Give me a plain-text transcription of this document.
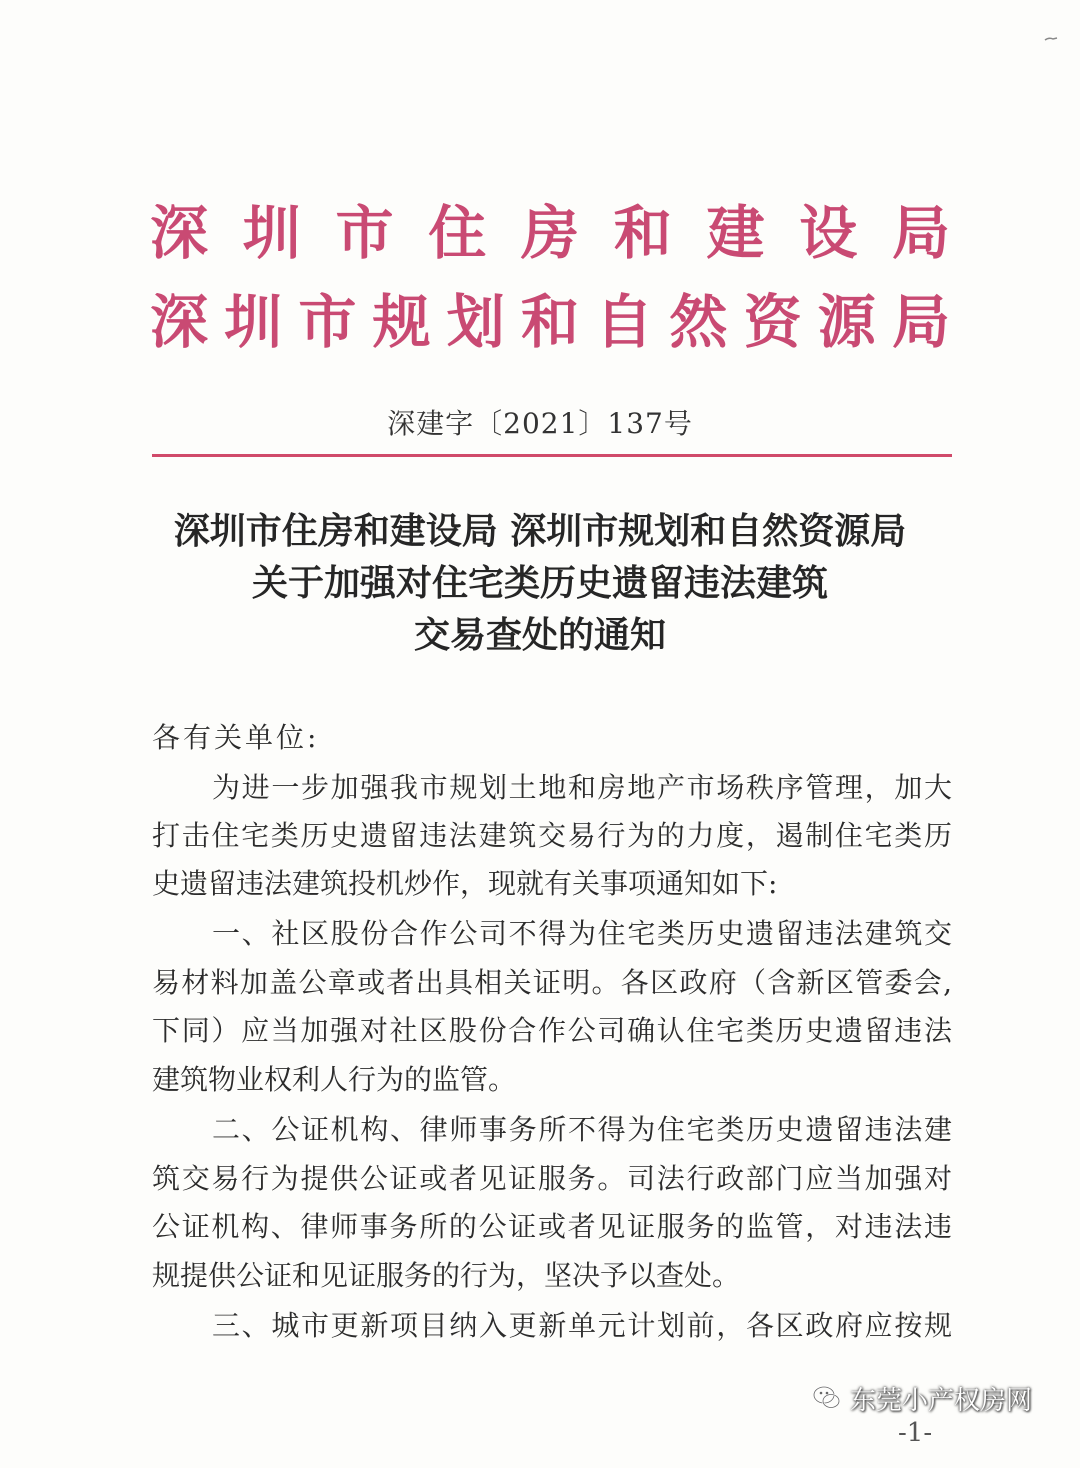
深圳市住房和建设局
深圳市规划和自然资源局
深建字〔2021〕137号
深圳市住房和建设局 深圳市规划和自然资源局
关于加强对住宅类历史遗留违法建筑
交易查处的通知
各有关单位:
为进一步加强我市规划土地和房地产市场秩序管理，加大
打击住宅类历史遗留违法建筑交易行为的力度，遏制住宅类历
史遗留违法建筑投机炒作，现就有关事项通知如下:
一、社区股份合作公司不得为住宅类历史遗留违法建筑交
易材料加盖公章或者出具相关证明。各区政府（含新区管委会,
下同）应当加强对社区股份合作公司确认住宅类历史遗留违法
建筑物业权利人行为的监管。
二、公证机构、律师事务所不得为住宅类历史遗留违法建
筑交易行为提供公证或者见证服务。司法行政部门应当加强对
公证机构、律师事务所的公证或者见证服务的监管，对违法违
规提供公证和见证服务的行为，坚决予以查处。
三、城市更新项目纳入更新单元计划前，各区政府应按规
东莞小产权房网
-1-
